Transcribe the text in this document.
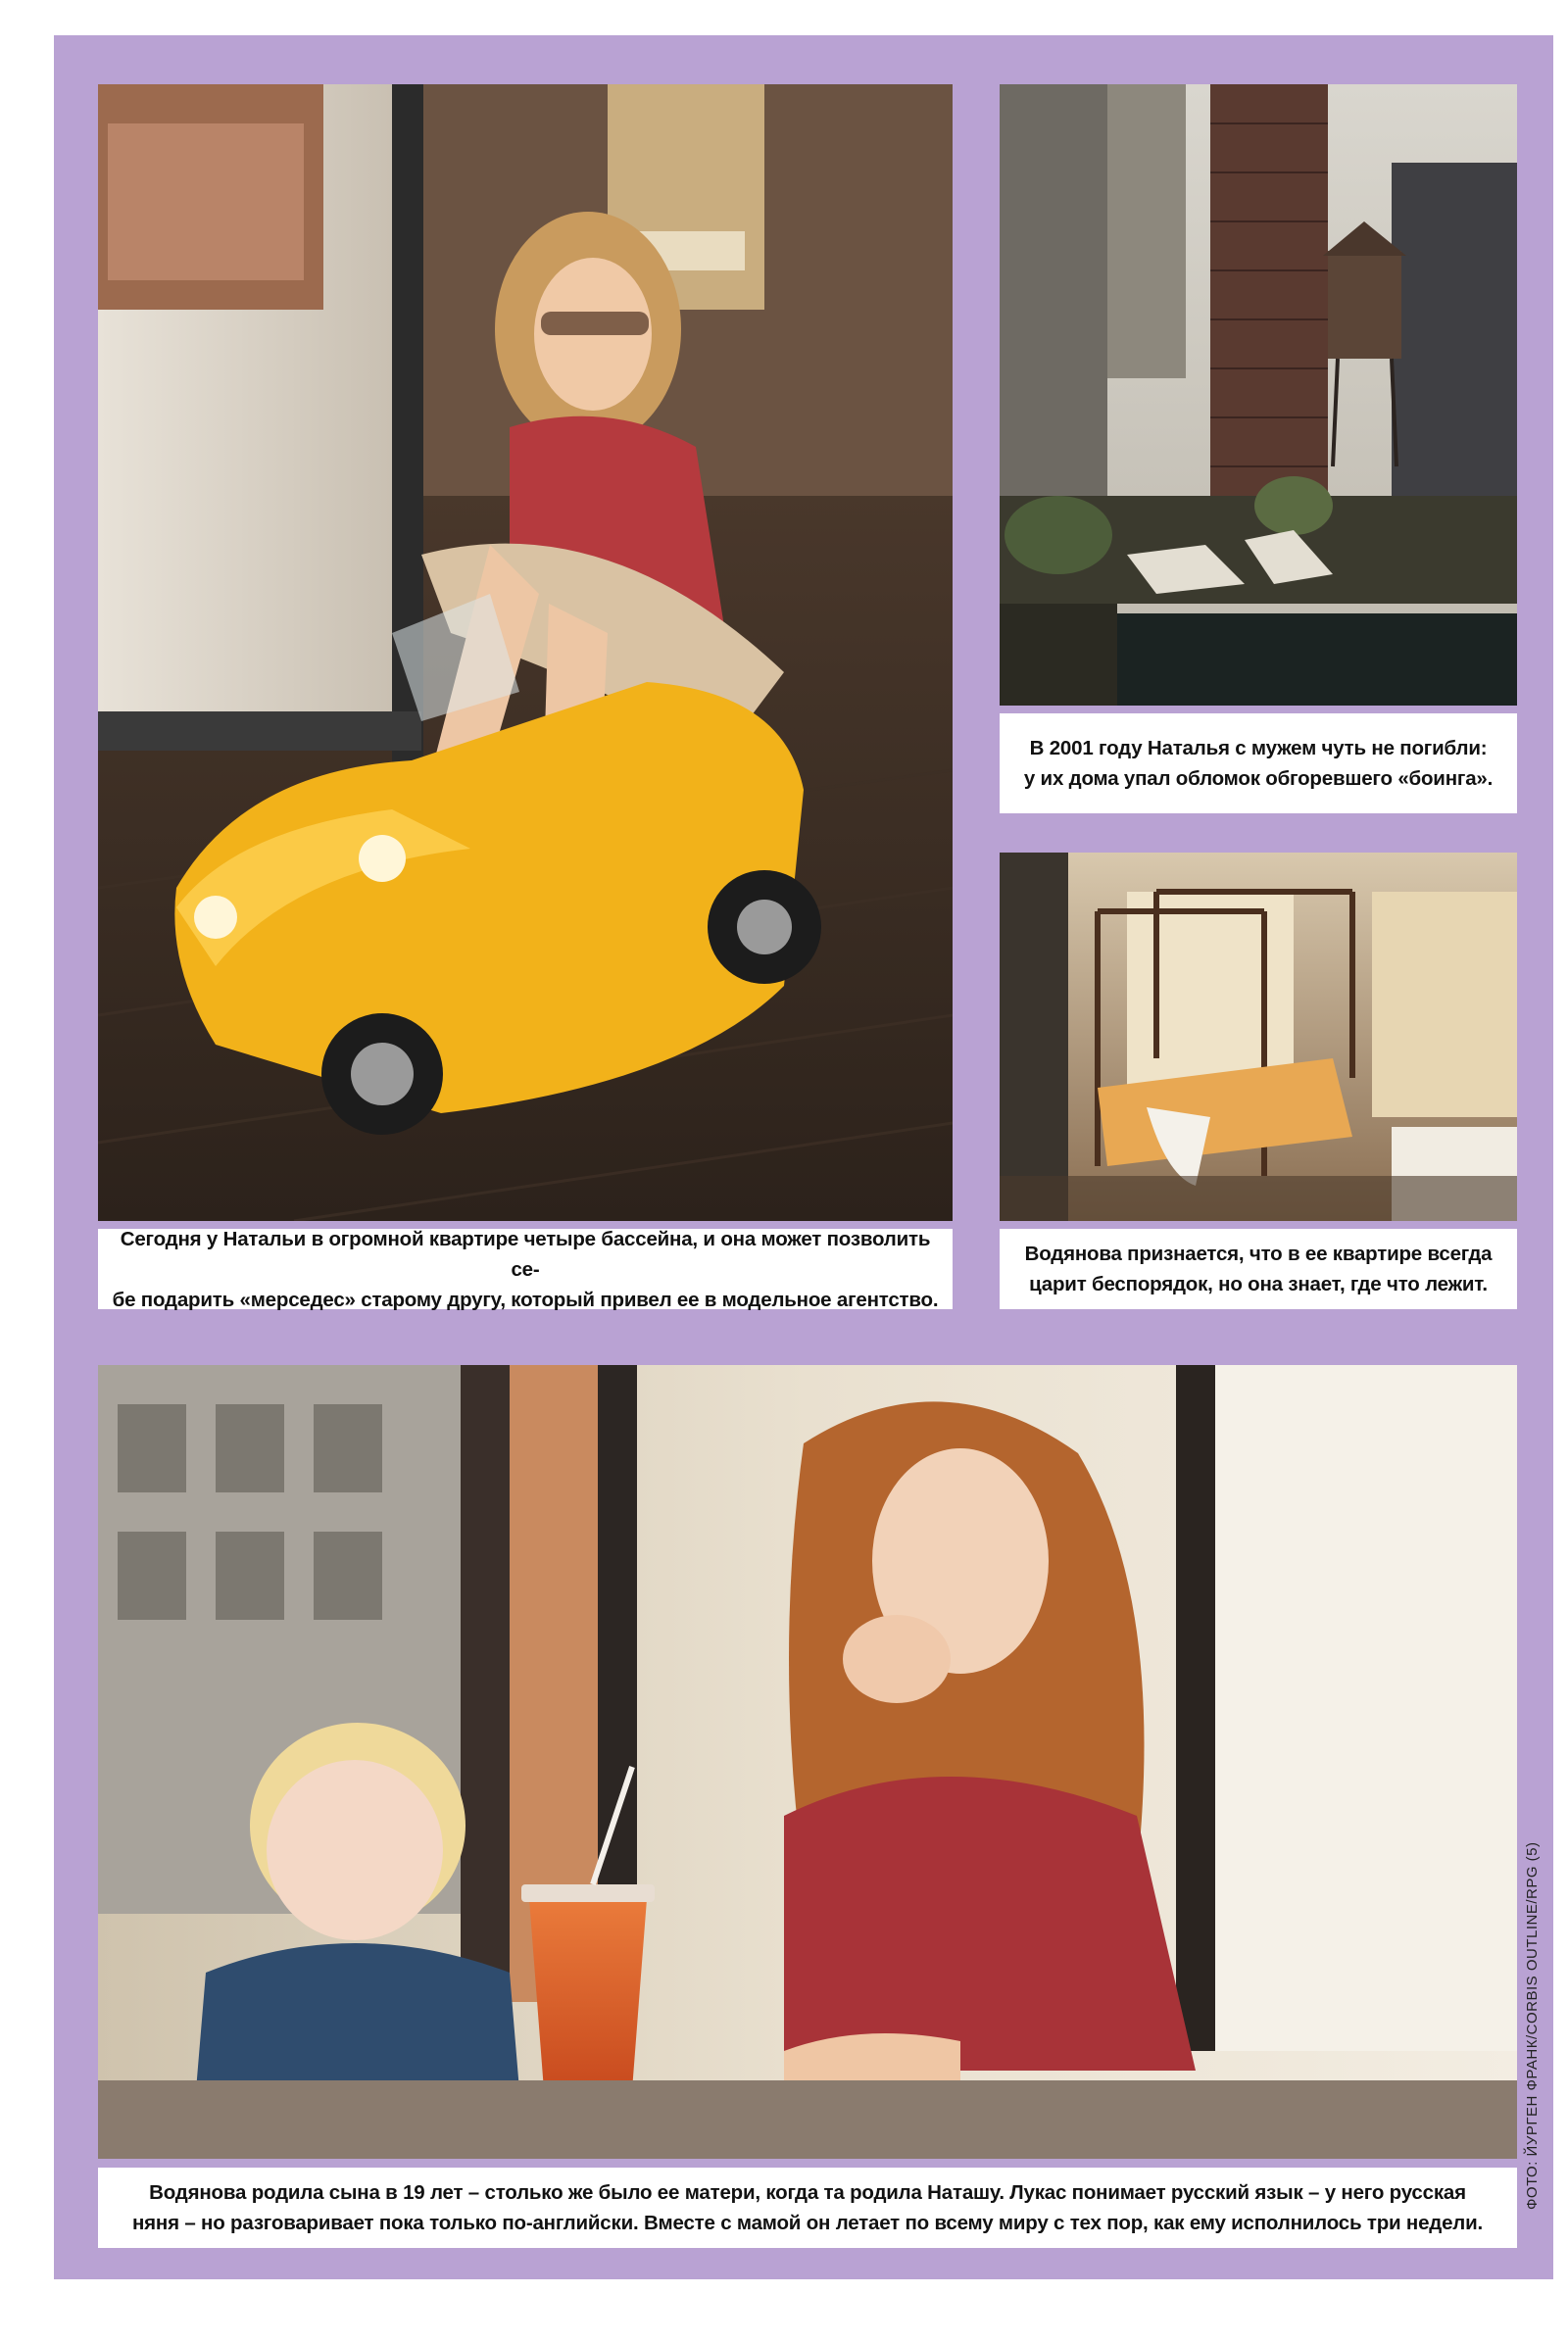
Сегодня у Натальи в огромной квартире четыре бассейна, и она может позволить се-
бе подарить «мерседес» старому другу, который привел ее в модельное агентство.
В 2001 году Наталья с мужем чуть не погибли:
у их дома упал обломок обгоревшего «боинга».
Водянова признается, что в ее квартире всегда
царит беспорядок, но она знает, где что лежит.
Водянова родила сына в 19 лет – столько же было ее матери, когда та родила Наташу. Лукас понимает русский язык – у него русская
няня – но разговаривает пока только по-английски. Вместе с мамой он летает по всему миру с тех пор, как ему исполнилось три недели.
ФОТО: ЙУРГЕН ФРАНК/CORBIS OUTLINE/RPG (5)
